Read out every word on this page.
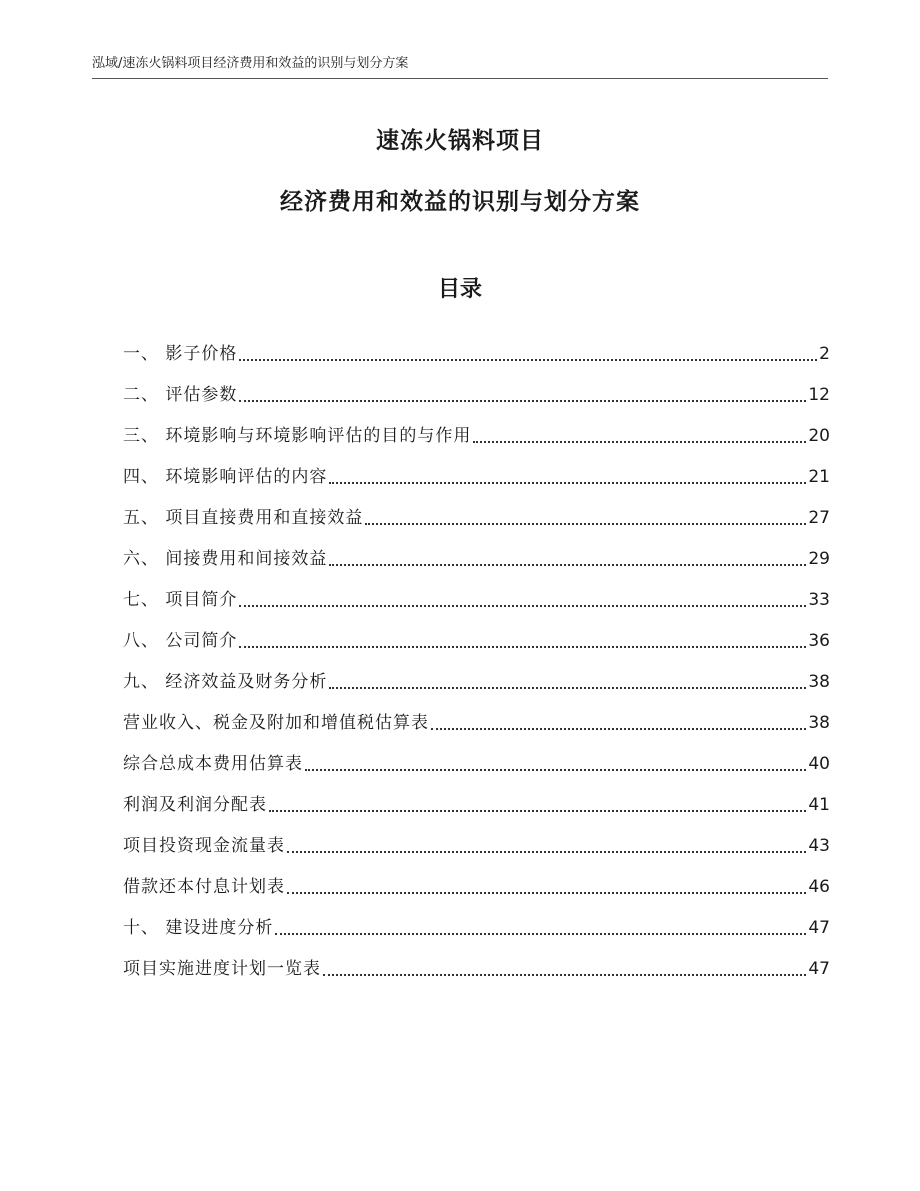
泓域/速冻火锅料项目经济费用和效益的识别与划分方案
速冻火锅料项目
经济费用和效益的识别与划分方案
目录
一、 影子价格	2
二、 评估参数	12
三、 环境影响与环境影响评估的目的与作用	20
四、 环境影响评估的内容	21
五、 项目直接费用和直接效益	27
六、 间接费用和间接效益	29
七、 项目简介	33
八、 公司简介	36
九、 经济效益及财务分析	38
营业收入、税金及附加和增值税估算表	38
综合总成本费用估算表	40
利润及利润分配表	41
项目投资现金流量表	43
借款还本付息计划表	46
十、 建设进度分析	47
项目实施进度计划一览表	47
